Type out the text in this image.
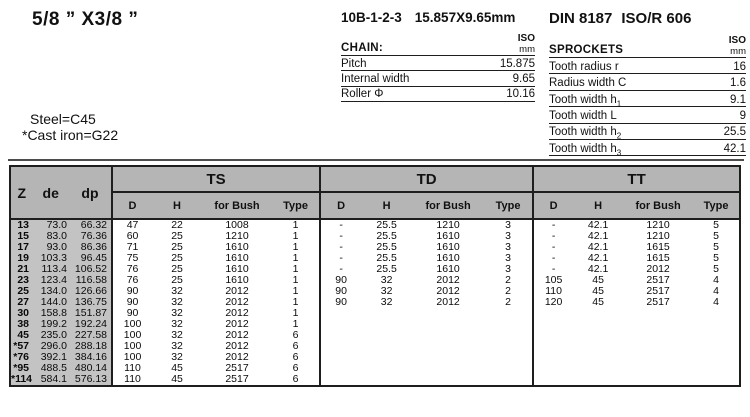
5/8 ” X3/8 ”	10B-1-2-3 15.857X9.65mm
CHAIN:
ISO
mm
Pitch	15.875
Internal width	9.65
Roller Φ	10.16
DIN 8187 ISO/R 606
SPROCKETS
ISO
mm
Tooth radius r	16
Radius width C	1.6
Tooth width $h_1$	9.1
Tooth width L	9
Tooth width $h_2$	25.5
Tooth width $h_3$	42.1
Steel=C45
*Cast iron=G22
Z de dp			TS				TD				TT			
			D	H	for Bush	Type	D	H	for Bush	Type	D	H	for Bush	Type
13	73.0	66.32	47	22	1008	1	-	25.5	1210	3	-	42.1	1210	5
15	83.0	76.36	60	25	1210	1	-	25.5	1610	3	-	42.1	1210	5
17	93.0	86.36	71	25	1610	1	-	25.5	1610	3	-	42.1	1615	5
19	103.3	96.45	75	25	1610	1	-	25.5	1610	3	-	42.1	1615	5
21	113.4	106.52	76	25	1610	1	-	25.5	1610	3	-	42.1	2012	5
23	123.4	116.58	76	25	1610	1	90	32	2012	2	105	45	2517	4
25	134.0	126.66	90	32	2012	1	90	32	2012	2	110	45	2517	4
27	144.0	136.75	90	32	2012	1	90	32	2012	2	120	45	2517	4
30	158.8	151.87	90	32	2012	1								
38	199.2	192.24	100	32	2012	1								
45	235.0	227.58	100	32	2012	6								
*57	296.0	288.18	100	32	2012	6								
*76	392.1	384.16	100	32	2012	6								
*95	488.5	480.14	110	45	2517	6								
*114	584.1	576.13	110	45	2517	6								
